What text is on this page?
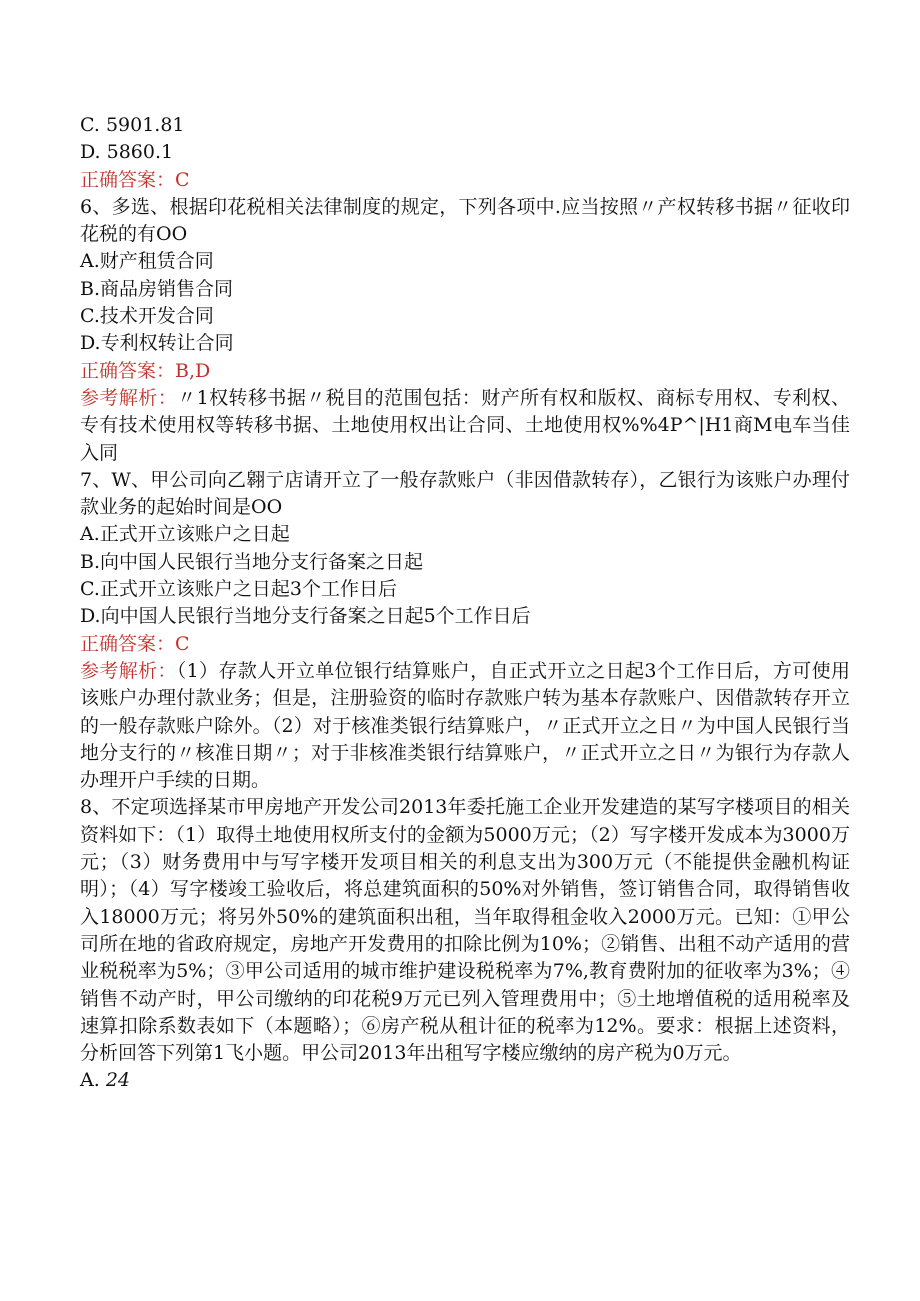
C. 5901.81

D. 5860.1

正确答案：C

6、多选、根据印花税相关法律制度的规定，下列各项中.应当按照〃产权转移书据〃征收印花税的有OO

A.财产租赁合同

B.商品房销售合同

C.技术开发合同

D.专利权转让合同

正确答案：B,D

参考解析：〃1权转移书据〃税目的范围包括：财产所有权和版权、商标专用权、专利权、专有技术使用权等转移书据、土地使用权出让合同、土地使用权%%4P^|H1商M电车当佳入同

7、W、甲公司向乙翱亍店请开立了一般存款账户（非因借款转存），乙银行为该账户办理付款业务的起始时间是OO

A.正式开立该账户之日起

B.向中国人民银行当地分支行备案之日起

C.正式开立该账户之日起3个工作日后

D.向中国人民银行当地分支行备案之日起5个工作日后

正确答案：C

参考解析：（1）存款人开立单位银行结算账户，自正式开立之日起3个工作日后，方可使用该账户办理付款业务；但是，注册验资的临时存款账户转为基本存款账户、因借款转存开立的一般存款账户除外。（2）对于核准类银行结算账户，〃正式开立之日〃为中国人民银行当地分支行的〃核准日期〃；对于非核准类银行结算账户，〃正式开立之日〃为银行为存款人办理开户手续的日期。

8、不定项选择某市甲房地产开发公司2013年委托施工企业开发建造的某写字楼项目的相关资料如下：（1）取得土地使用权所支付的金额为5000万元；（2）写字楼开发成本为3000万元；（3）财务费用中与写字楼开发项目相关的利息支出为300万元（不能提供金融机构证明）；（4）写字楼竣工验收后，将总建筑面积的50%对外销售，签订销售合同，取得销售收入18000万元；将另外50%的建筑面积出租，当年取得租金收入2000万元。已知：①甲公司所在地的省政府规定，房地产开发费用的扣除比例为10%；②销售、出租不动产适用的营业税税率为5%；③甲公司适用的城市维护建设税税率为7%,教育费附加的征收率为3%；④销售不动产时，甲公司缴纳的印花税9万元已列入管理费用中；⑤土地增值税的适用税率及速算扣除系数表如下（本题略）；⑥房产税从租计征的税率为12%。要求：根据上述资料，分析回答下列第1飞小题。甲公司2013年出租写字楼应缴纳的房产税为0万元。

A. 24
